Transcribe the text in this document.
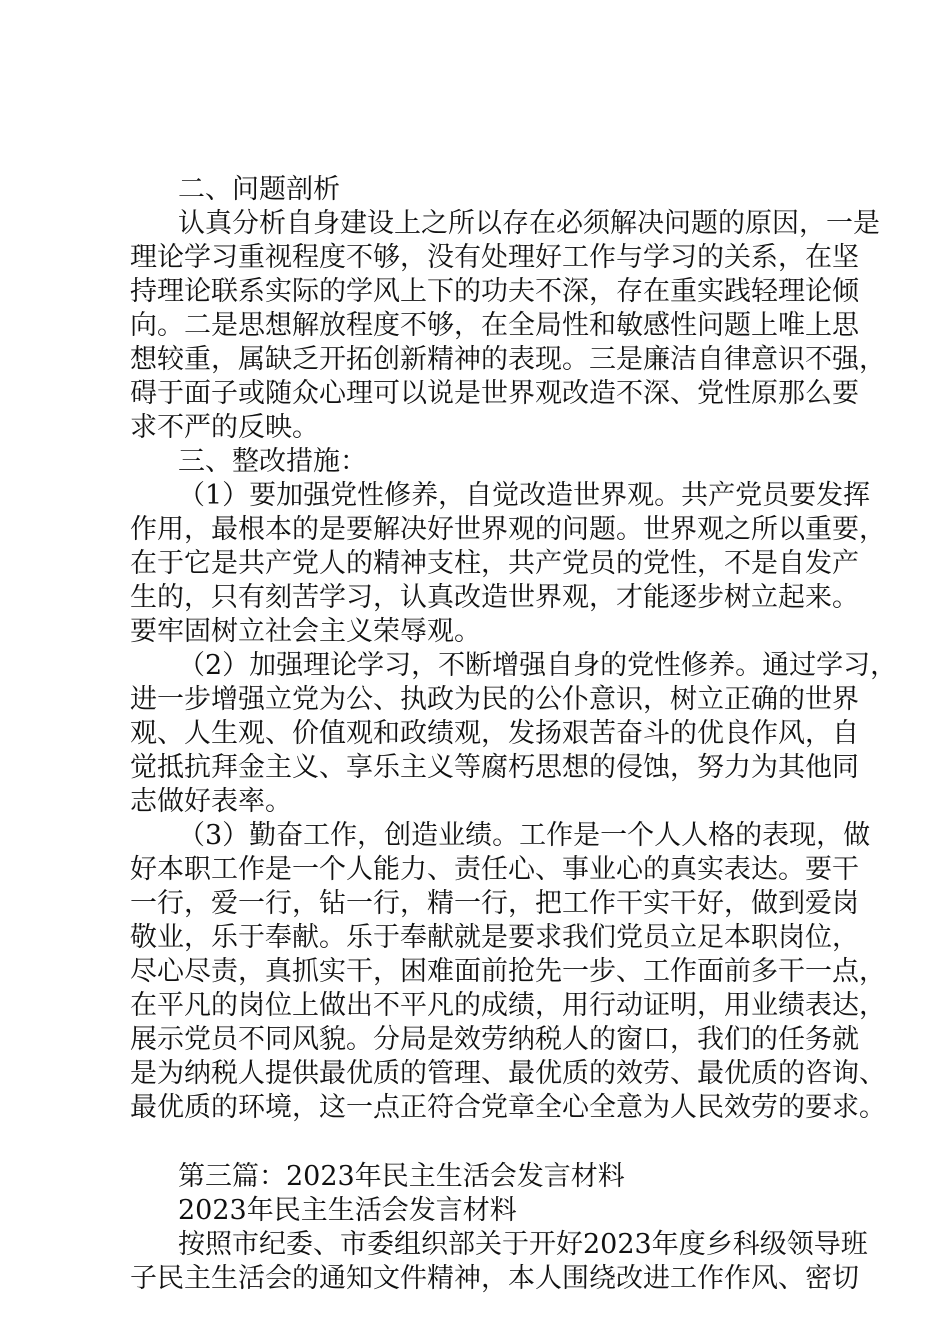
二、问题剖析
认真分析自身建设上之所以存在必须解决问题的原因，一是
理论学习重视程度不够，没有处理好工作与学习的关系，在坚
持理论联系实际的学风上下的功夫不深，存在重实践轻理论倾
向。二是思想解放程度不够，在全局性和敏感性问题上唯上思
想较重，属缺乏开拓创新精神的表现。三是廉洁自律意识不强，
碍于面子或随众心理可以说是世界观改造不深、党性原那么要
求不严的反映。
三、整改措施：
（1）要加强党性修养，自觉改造世界观。共产党员要发挥
作用，最根本的是要解决好世界观的问题。世界观之所以重要，
在于它是共产党人的精神支柱，共产党员的党性，不是自发产
生的，只有刻苦学习，认真改造世界观，才能逐步树立起来。
要牢固树立社会主义荣辱观。
（2）加强理论学习，不断增强自身的党性修养。通过学习，
进一步增强立党为公、执政为民的公仆意识，树立正确的世界
观、人生观、价值观和政绩观，发扬艰苦奋斗的优良作风，自
觉抵抗拜金主义、享乐主义等腐朽思想的侵蚀，努力为其他同
志做好表率。
（3）勤奋工作，创造业绩。工作是一个人人格的表现，做
好本职工作是一个人能力、责任心、事业心的真实表达。要干
一行，爱一行，钻一行，精一行，把工作干实干好，做到爱岗
敬业，乐于奉献。乐于奉献就是要求我们党员立足本职岗位，
尽心尽责，真抓实干，困难面前抢先一步、工作面前多干一点，
在平凡的岗位上做出不平凡的成绩，用行动证明，用业绩表达，
展示党员不同风貌。分局是效劳纳税人的窗口，我们的任务就
是为纳税人提供最优质的管理、最优质的效劳、最优质的咨询、
最优质的环境，这一点正符合党章全心全意为人民效劳的要求。
第三篇：2023年民主生活会发言材料
2023年民主生活会发言材料
按照市纪委、市委组织部关于开好2023年度乡科级领导班
子民主生活会的通知文件精神，本人围绕改进工作作风、密切
